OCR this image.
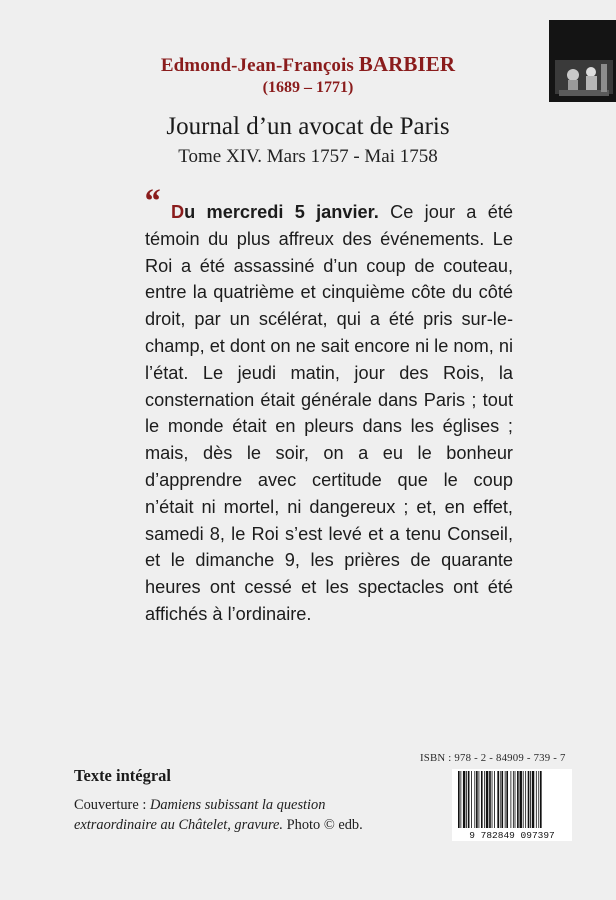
Edmond-Jean-François BARBIER
(1689 – 1771)
Journal d’un avocat de Paris
Tome XIV. Mars 1757 - Mai 1758
“ Du mercredi 5 janvier. Ce jour a été témoin du plus affreux des événements. Le Roi a été assassiné d’un coup de couteau, entre la quatrième et cinquième côte du côté droit, par un scélérat, qui a été pris sur-le-champ, et dont on ne sait encore ni le nom, ni l’état. Le jeudi matin, jour des Rois, la consternation était générale dans Paris ; tout le monde était en pleurs dans les églises ; mais, dès le soir, on a eu le bonheur d’apprendre avec certitude que le coup n’était ni mortel, ni dangereux ; et, en effet, samedi 8, le Roi s’est levé et a tenu Conseil, et le dimanche 9, les prières de quarante heures ont cessé et les spectacles ont été affichés à l’ordinaire.
Texte intégral
Couverture : Damiens subissant la question extraordinaire au Châtelet, gravure. Photo © edb.
ISBN : 978 - 2 - 84909 - 739 - 7
9 782849 097397
